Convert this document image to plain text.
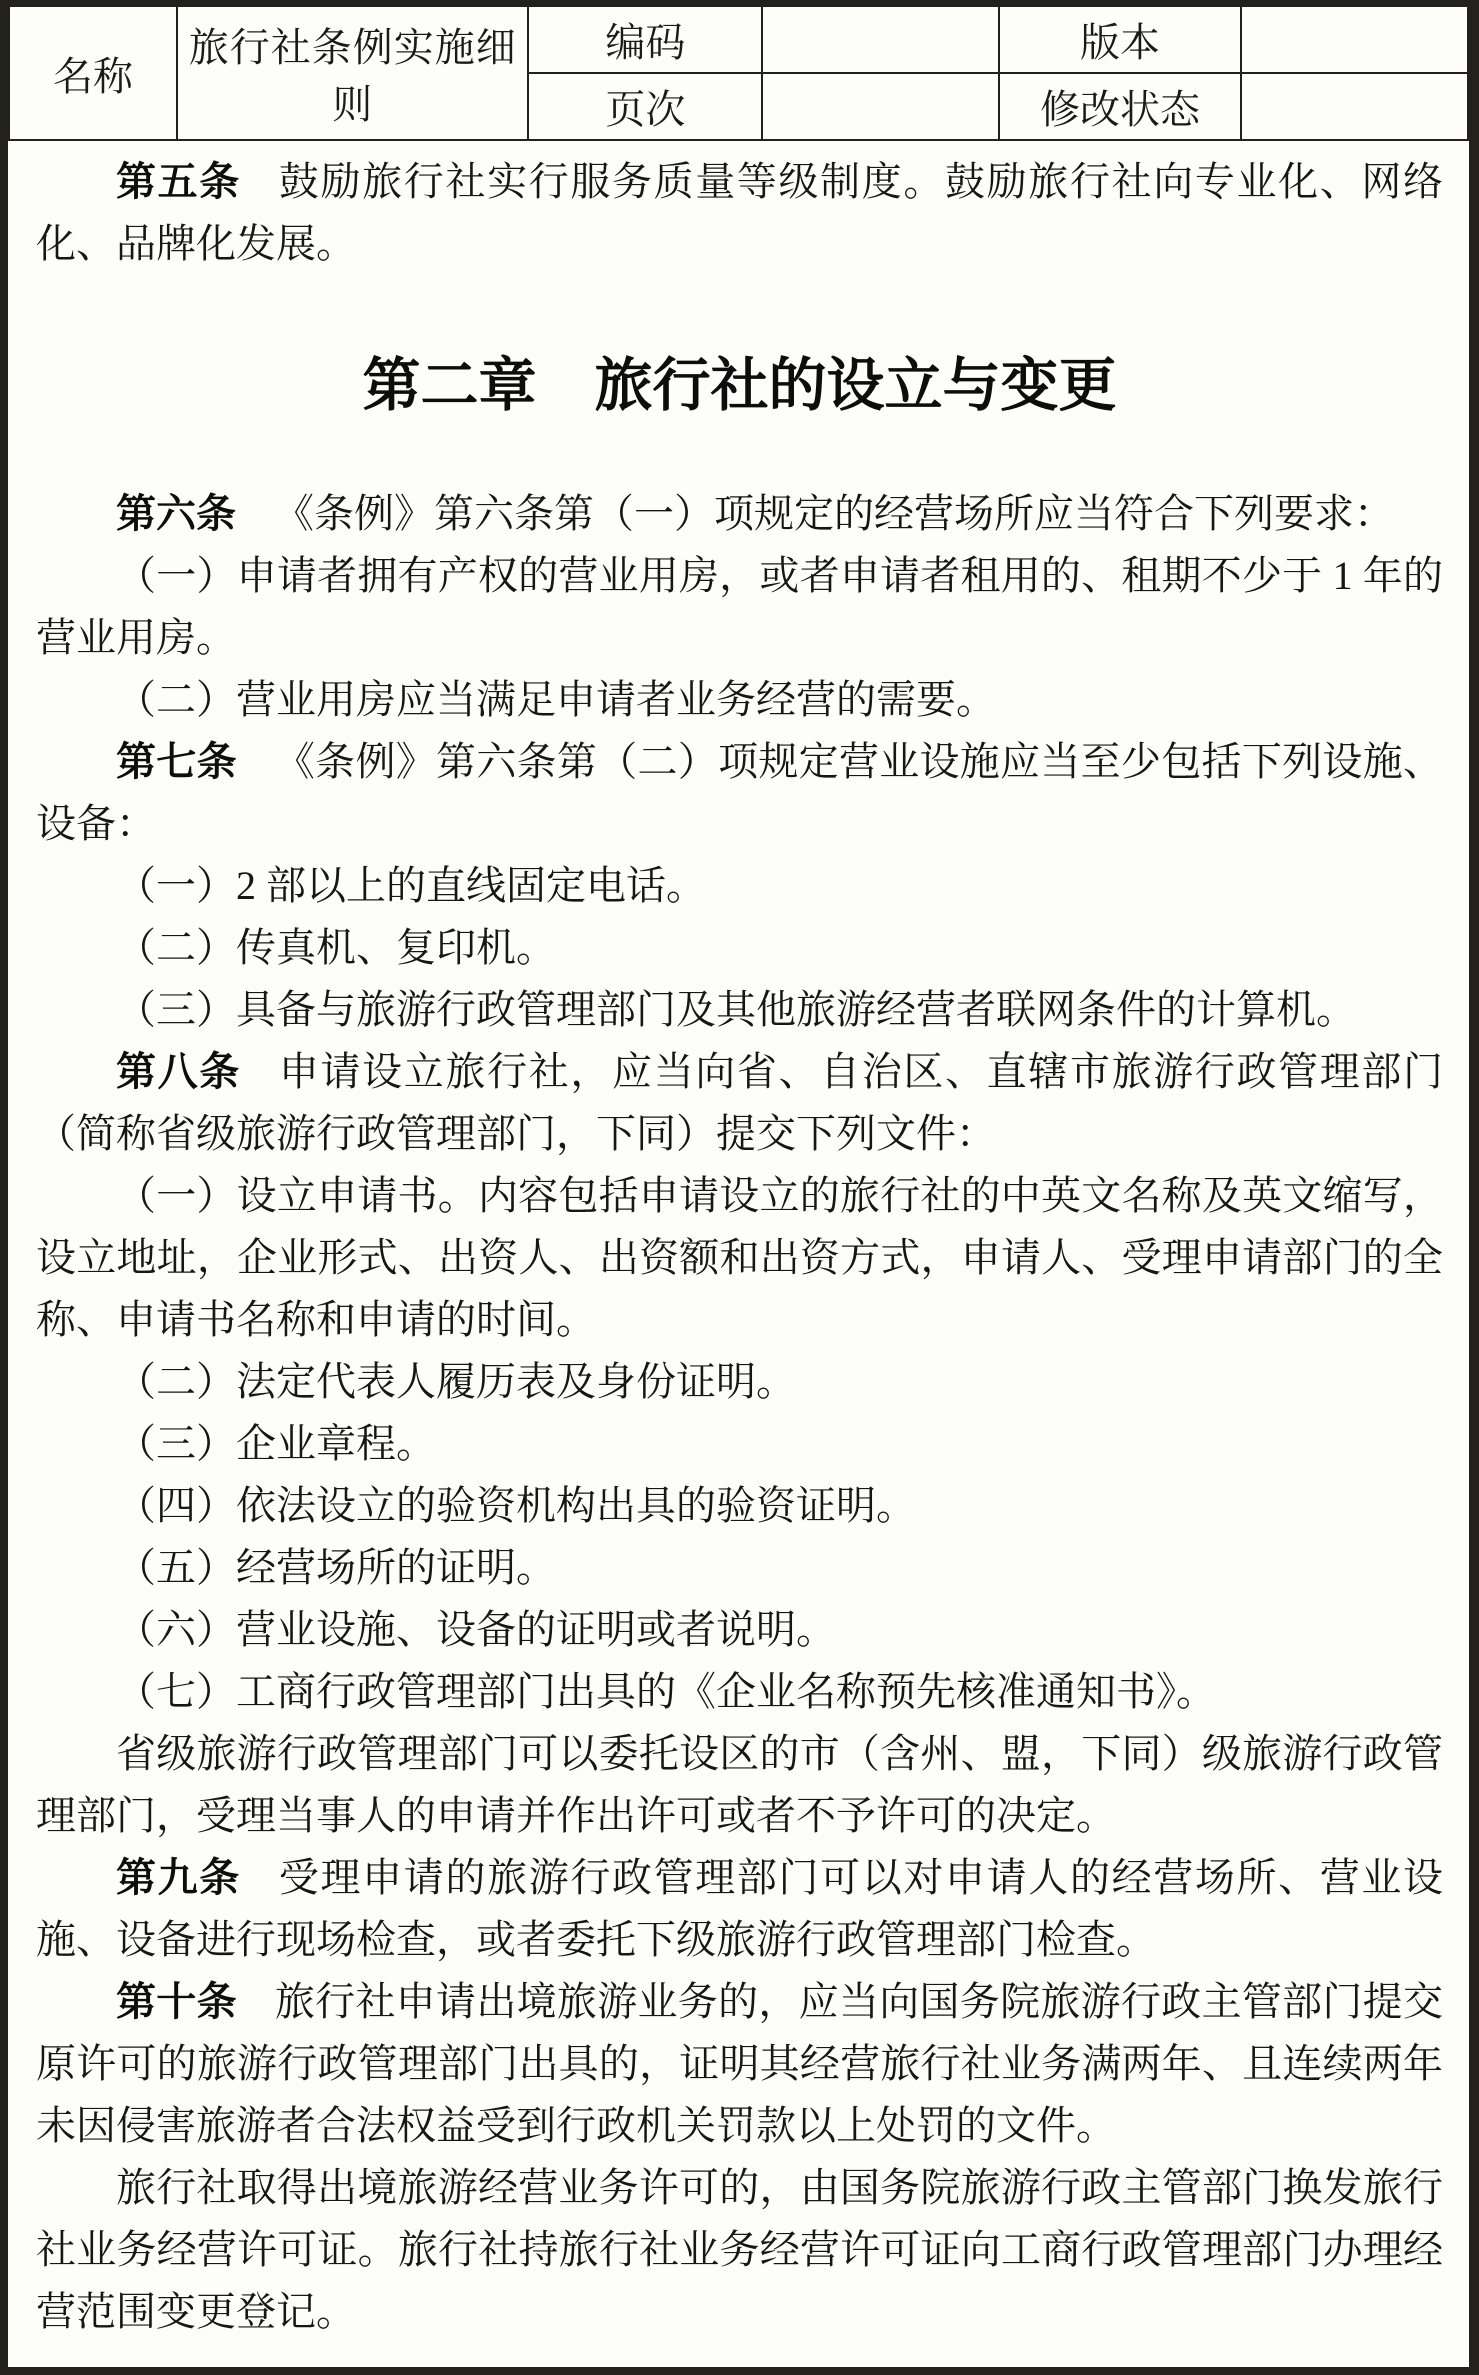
名称	旅行社条例实施细则	编码		版本	
		页次		修改状态	

第五条 鼓励旅行社实行服务质量等级制度。鼓励旅行社向专业化、网络化、品牌化发展。

第二章　旅行社的设立与变更

第六条 《条例》第六条第（一）项规定的经营场所应当符合下列要求：

（一）申请者拥有产权的营业用房，或者申请者租用的、租期不少于 1 年的营业用房。

（二）营业用房应当满足申请者业务经营的需要。

第七条 《条例》第六条第（二）项规定营业设施应当至少包括下列设施、设备：

（一）2 部以上的直线固定电话。

（二）传真机、复印机。

（三）具备与旅游行政管理部门及其他旅游经营者联网条件的计算机。

第八条 申请设立旅行社，应当向省、自治区、直辖市旅游行政管理部门（简称省级旅游行政管理部门，下同）提交下列文件：

（一）设立申请书。内容包括申请设立的旅行社的中英文名称及英文缩写，设立地址，企业形式、出资人、出资额和出资方式，申请人、受理申请部门的全称、申请书名称和申请的时间。

（二）法定代表人履历表及身份证明。

（三）企业章程。

（四）依法设立的验资机构出具的验资证明。

（五）经营场所的证明。

（六）营业设施、设备的证明或者说明。

（七）工商行政管理部门出具的《企业名称预先核准通知书》。

省级旅游行政管理部门可以委托设区的市（含州、盟，下同）级旅游行政管理部门，受理当事人的申请并作出许可或者不予许可的决定。

第九条 受理申请的旅游行政管理部门可以对申请人的经营场所、营业设施、设备进行现场检查，或者委托下级旅游行政管理部门检查。

第十条 旅行社申请出境旅游业务的，应当向国务院旅游行政主管部门提交原许可的旅游行政管理部门出具的，证明其经营旅行社业务满两年、且连续两年未因侵害旅游者合法权益受到行政机关罚款以上处罚的文件。

旅行社取得出境旅游经营业务许可的，由国务院旅游行政主管部门换发旅行社业务经营许可证。旅行社持旅行社业务经营许可证向工商行政管理部门办理经营范围变更登记。
